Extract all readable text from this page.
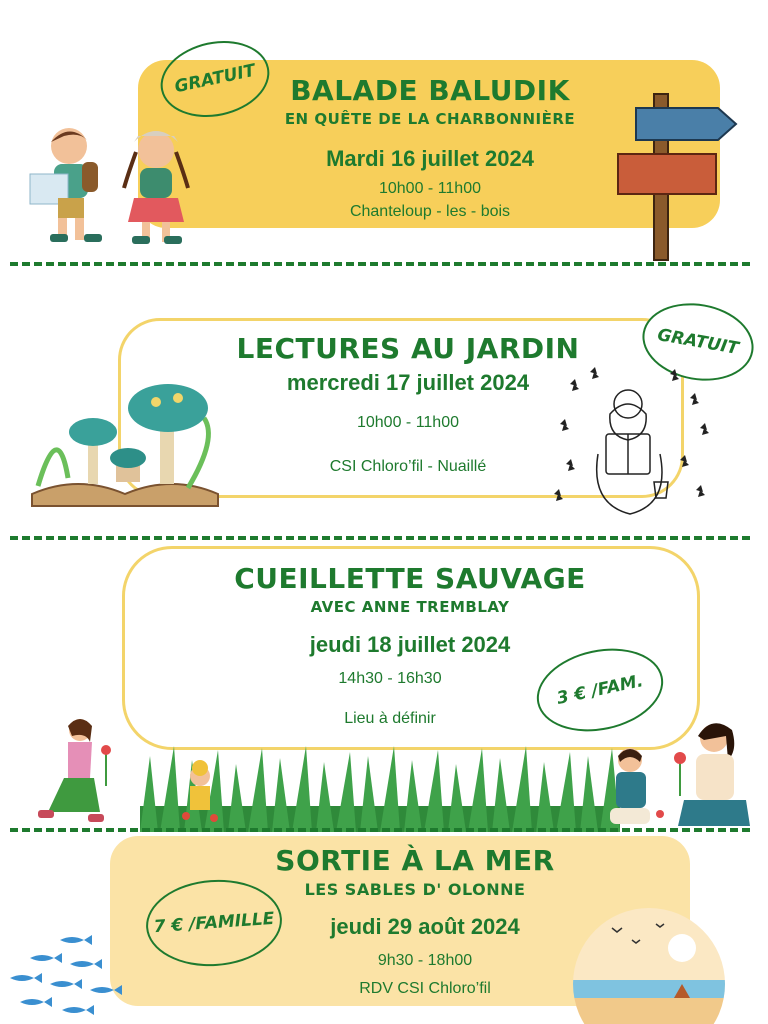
GRATUIT	BALADE BALUDIK
EN QUÊTE DE LA CHARBONNIÈRE
Mardi 16 juillet 2024
10h00 - 11h00
Chanteloup - les - bois
GRATUIT
LECTURES AU JARDIN
mercredi 17 juillet 2024
10h00 - 11h00
CSI Chloro’fil - Nuaillé
CUEILLETTE SAUVAGE
AVEC ANNE TREMBLAY
jeudi 18 juillet 2024
14h30 - 16h30
Lieu à définir
3 € /FAM.
SORTIE À LA MER
LES SABLES D' OLONNE
jeudi 29 août 2024
9h30 - 18h00
RDV CSI Chloro’fil
7 € /FAMILLE
